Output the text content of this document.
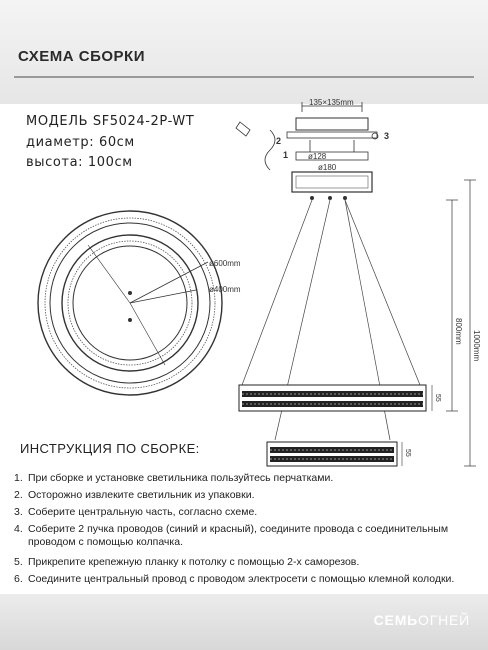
СХЕМА СБОРКИ
МОДЕЛЬ SF5024-2P-WT
диаметр: 60см
высота: 100см
ø600mm
ø400mm
135×135mm
ø128
ø180
2
1
3
800mm 1000mm
55
55
ИНСТРУКЦИЯ ПО СБОРКЕ:
1. При сборке и установке светильника пользуйтесь перчатками.
2. Осторожно извлеките светильник из упаковки.
3. Соберите центральную часть, согласно схеме.
4. Соберите 2 пучка проводов (синий и красный), соедините провода с соединительным
проводом с помощью колпачка.
5. Прикрепите крепежную планку к потолку с помощью 2-х саморезов.
6. Соедините центральный провод с проводом электросети с помощью клемной колодки.
СЕМЬОГНЕЙ
